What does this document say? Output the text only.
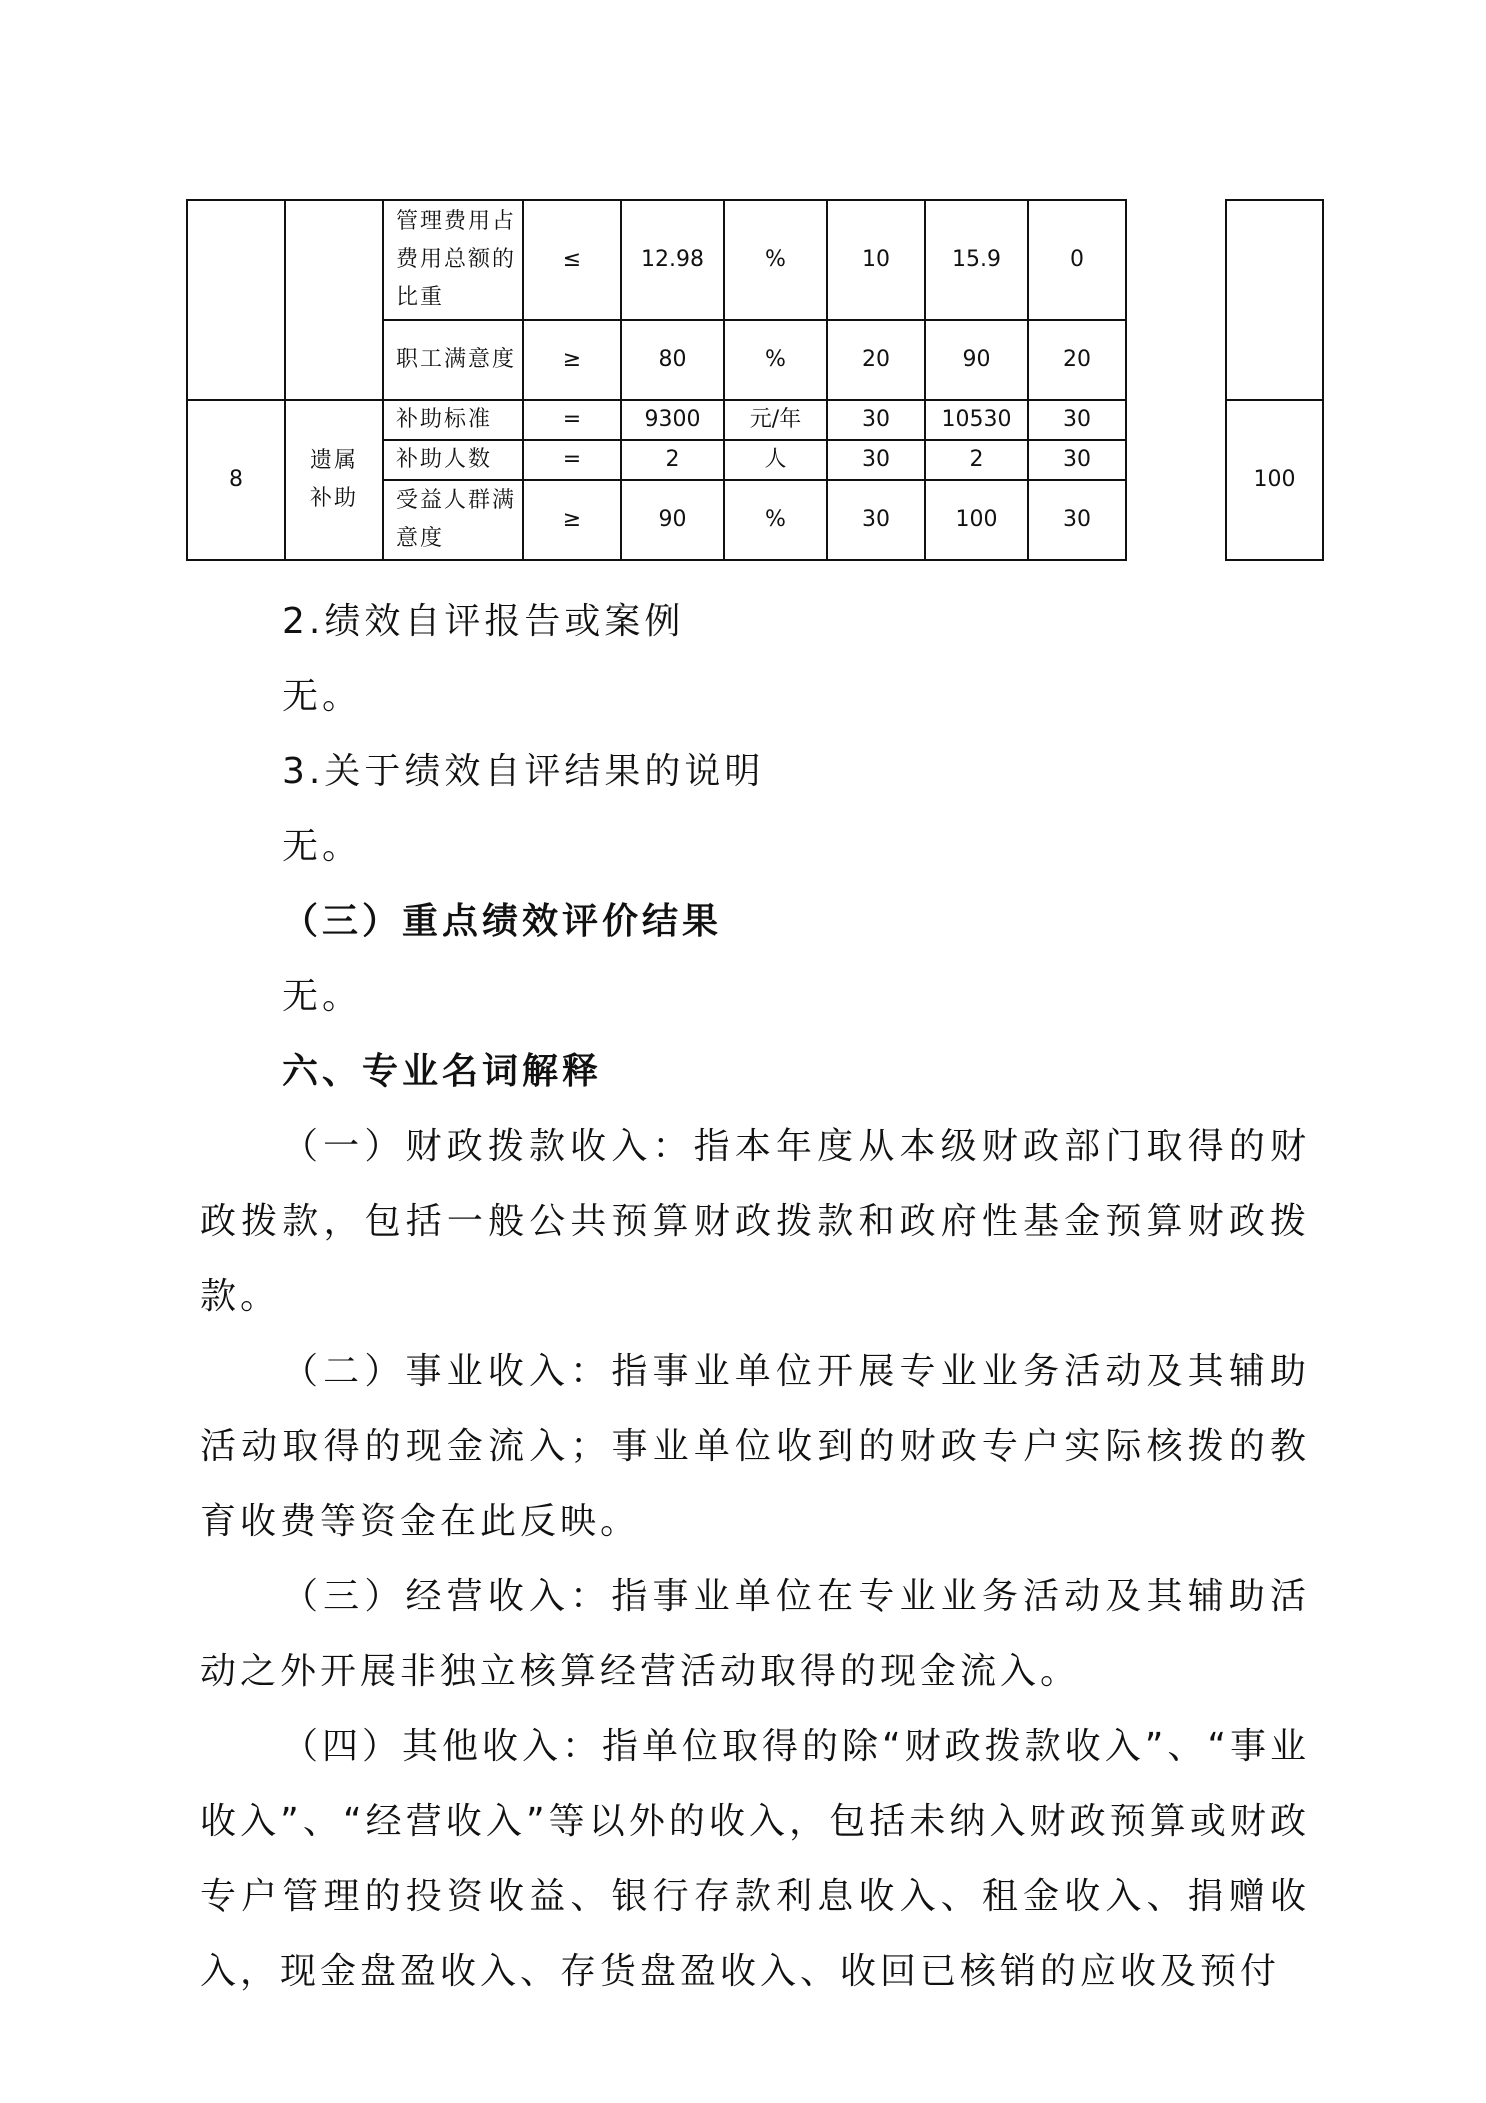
		管理费用占费用总额的比重	≤	12.98	%	10	15.9	0		
		职工满意度	≥	80	%	20	90	20		
8	遗属补助	补助标准	=	9300	元/年	30	10530	30		100
		补助人数	=	2	人	30	2	30		
		受益人群满意度	≥	90	%	30	100	30		

2.绩效自评报告或案例

无。

3.关于绩效自评结果的说明

无。

（三）重点绩效评价结果

无。

六、专业名词解释

（一）财政拨款收入：指本年度从本级财政部门取得的财政拨款，包括一般公共预算财政拨款和政府性基金预算财政拨款。

（二）事业收入：指事业单位开展专业业务活动及其辅助活动取得的现金流入；事业单位收到的财政专户实际核拨的教育收费等资金在此反映。

（三）经营收入：指事业单位在专业业务活动及其辅助活动之外开展非独立核算经营活动取得的现金流入。

（四）其他收入：指单位取得的除“财政拨款收入”、“事业收入”、“经营收入”等以外的收入，包括未纳入财政预算或财政专户管理的投资收益、银行存款利息收入、租金收入、捐赠收入，现金盘盈收入、存货盘盈收入、收回已核销的应收及预付
